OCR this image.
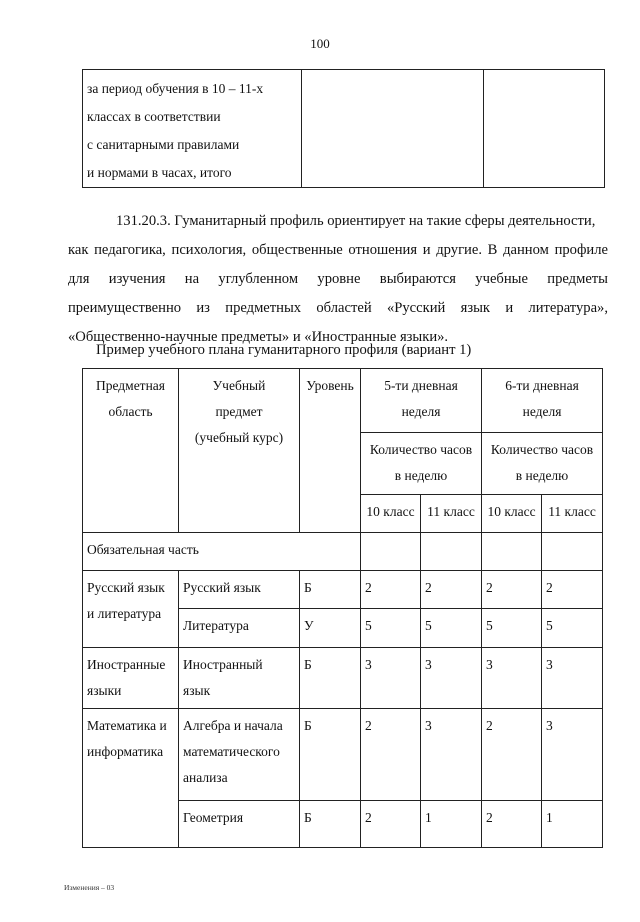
100
за период обучения в 10 – 11-х
классах в соответствии
с санитарными правилами
и нормами в часах, итого

131.20.3. Гуманитарный профиль ориентирует на такие сферы деятельности,
как педагогика, психология, общественные отношения и другие. В данном профиле
для изучения на углубленном уровне выбираются учебные предметы
преимущественно из предметных областей «Русский язык и литература»,
«Общественно-научные предметы» и «Иностранные языки».
Пример учебного плана гуманитарного профиля (вариант 1)
Предметная
область	Учебный
предмет
(учебный курс)	Уровень	5-ти дневная
неделя		6-ти дневная
неделя	

			Количество часов
в неделю		Количество часов
в неделю	

			10 класс	11 класс	10 класс	11 класс
Обязательная часть						

Русский язык
и литература	Русский язык	Б	2	2	2	2
	Литература	У	5	5	5	5

Иностранные
языки	Иностранный
язык	Б	3	3	3	3

Математика и
информатика	Алгебра и начала
математического
анализа	Б	2	3	2	3
	Геометрия	Б	2	1	2	1
Изменения – 03
